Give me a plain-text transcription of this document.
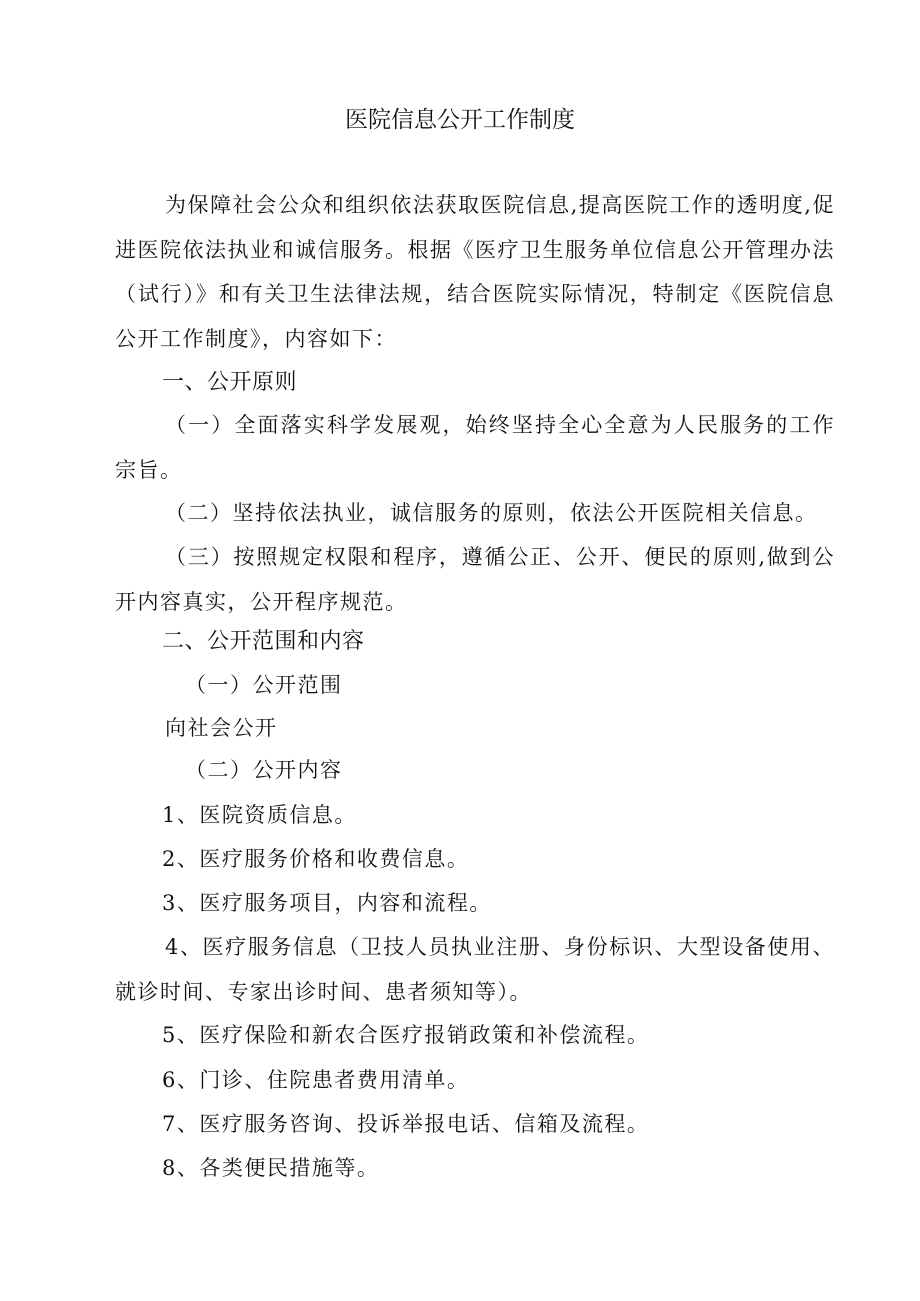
医院信息公开工作制度

为保障社会公众和组织依法获取医院信息,提高医院工作的透明度,促进医院依法执业和诚信服务。根据《医疗卫生服务单位信息公开管理办法（试行）》和有关卫生法律法规，结合医院实际情况，特制定《医院信息公开工作制度》，内容如下：

一、公开原则

（一）全面落实科学发展观，始终坚持全心全意为人民服务的工作宗旨。

（二）坚持依法执业，诚信服务的原则，依法公开医院相关信息。

（三）按照规定权限和程序，遵循公正、公开、便民的原则,做到公开内容真实，公开程序规范。

二、公开范围和内容
（一）公开范围
向社会公开
（二）公开内容
1、医院资质信息。
2、医疗服务价格和收费信息。
3、医疗服务项目，内容和流程。

4、医疗服务信息（卫技人员执业注册、身份标识、大型设备使用、就诊时间、专家出诊时间、患者须知等）。

5、医疗保险和新农合医疗报销政策和补偿流程。
6、门诊、住院患者费用清单。
7、医疗服务咨询、投诉举报电话、信箱及流程。
8、各类便民措施等。
